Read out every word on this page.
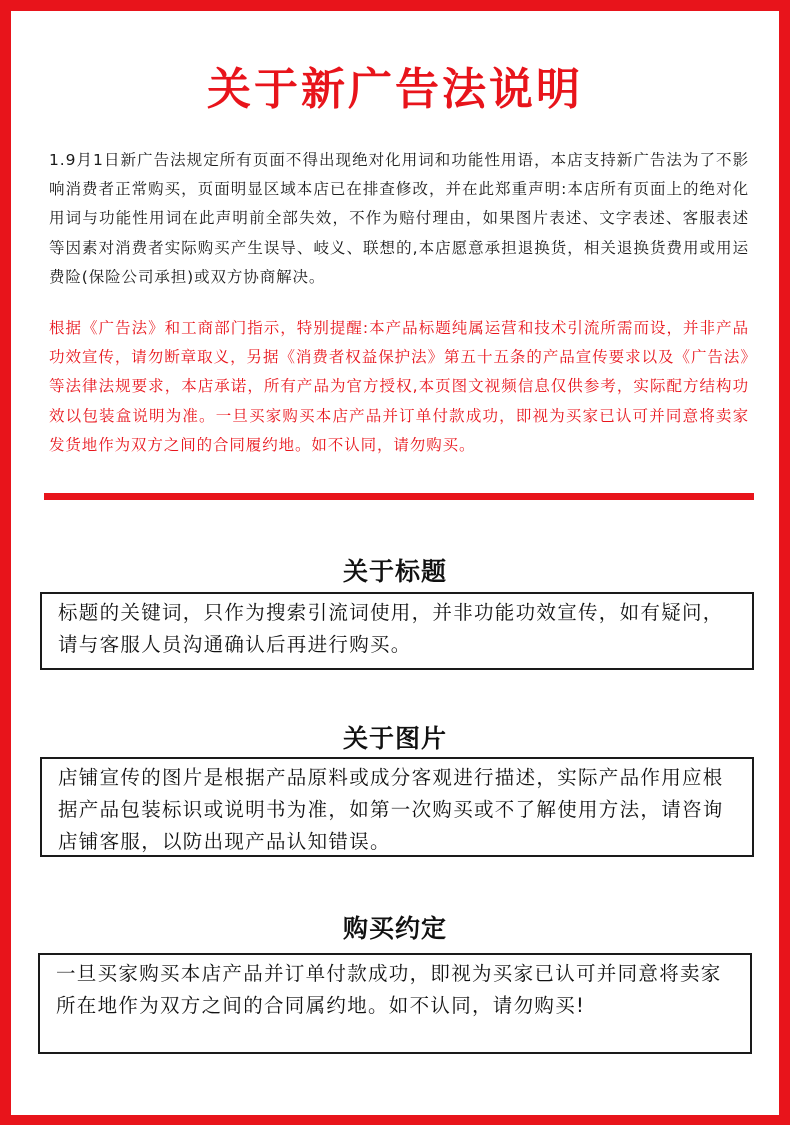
关于新广告法说明

1.9月1日新广告法规定所有页面不得出现绝对化用词和功能性用语，本店支持新广告法为了不影响消费者正常购买，页面明显区域本店已在排查修改，并在此郑重声明:本店所有页面上的绝对化用词与功能性用词在此声明前全部失效，不作为赔付理由，如果图片表述、文字表述、客服表述等因素对消费者实际购买产生误导、岐义、联想的,本店愿意承担退换货，相关退换货费用或用运费险(保险公司承担)或双方协商解决。

根据《广告法》和工商部门指示，特别提醒:本产品标题纯属运营和技术引流所需而设，并非产品功效宣传，请勿断章取义，另据《消费者权益保护法》第五十五条的产品宣传要求以及《广告法》等法律法规要求，本店承诺，所有产品为官方授权,本页图文视频信息仅供参考，实际配方结构功效以包装盒说明为准。一旦买家购买本店产品并订单付款成功，即视为买家已认可并同意将卖家发货地作为双方之间的合同履约地。如不认同，请勿购买。

关于标题

标题的关键词，只作为搜索引流词使用，并非功能功效宣传，如有疑问，请与客服人员沟通确认后再进行购买。

关于图片

店铺宣传的图片是根据产品原料或成分客观进行描述，实际产品作用应根据产品包装标识或说明书为准，如第一次购买或不了解使用方法，请咨询店铺客服，以防出现产品认知错误。

购买约定

一旦买家购买本店产品并订单付款成功，即视为买家已认可并同意将卖家所在地作为双方之间的合同属约地。如不认同，请勿购买!
